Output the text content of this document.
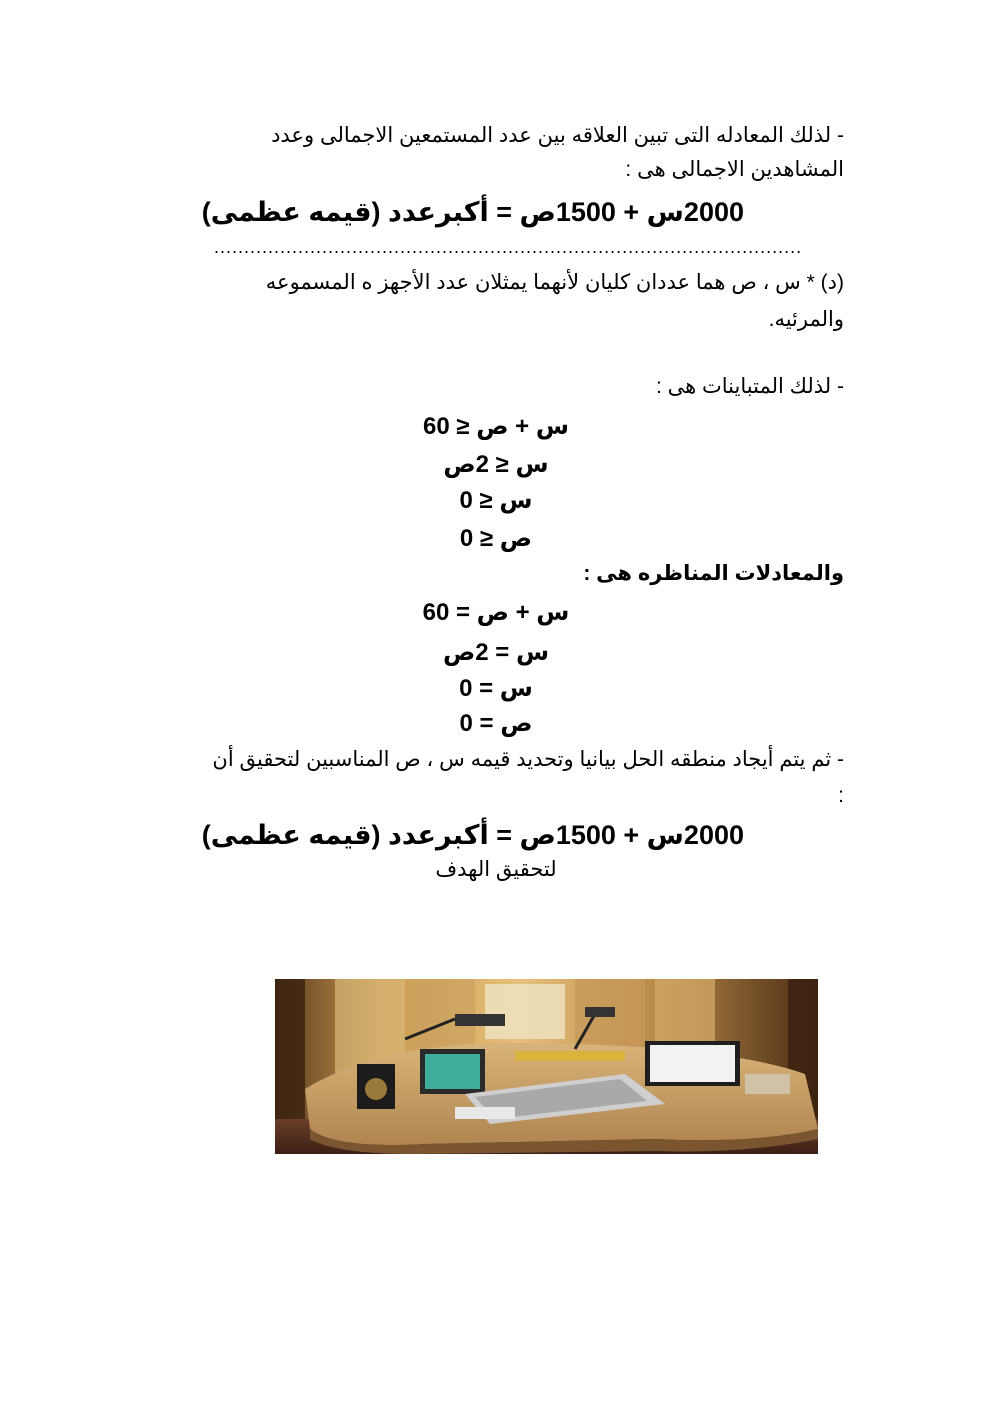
- لذلك المعادله التى تبين العلاقه بين عدد المستمعين الاجمالى وعدد
المشاهدين الاجمالى هى :
2000س + 1500ص = أكبرعدد (قيمه عظمى)
..................................................................................................
(د) * س ، ص هما عددان كليان لأنهما يمثلان عدد الأجهز ه المسموعه
والمرئيه.
- لذلك المتباينات هى :
س + ص ≤ 60
س ≤ 2ص
س ≤ 0
ص ≤ 0
والمعادلات المناظره هى :
س + ص = 60
س = 2ص
س = 0
ص = 0
- ثم يتم أيجاد منطقه الحل بيانيا وتحديد قيمه س ، ص المناسبين لتحقيق أن
:
2000س + 1500ص = أكبرعدد (قيمه عظمى)
لتحقيق الهدف
